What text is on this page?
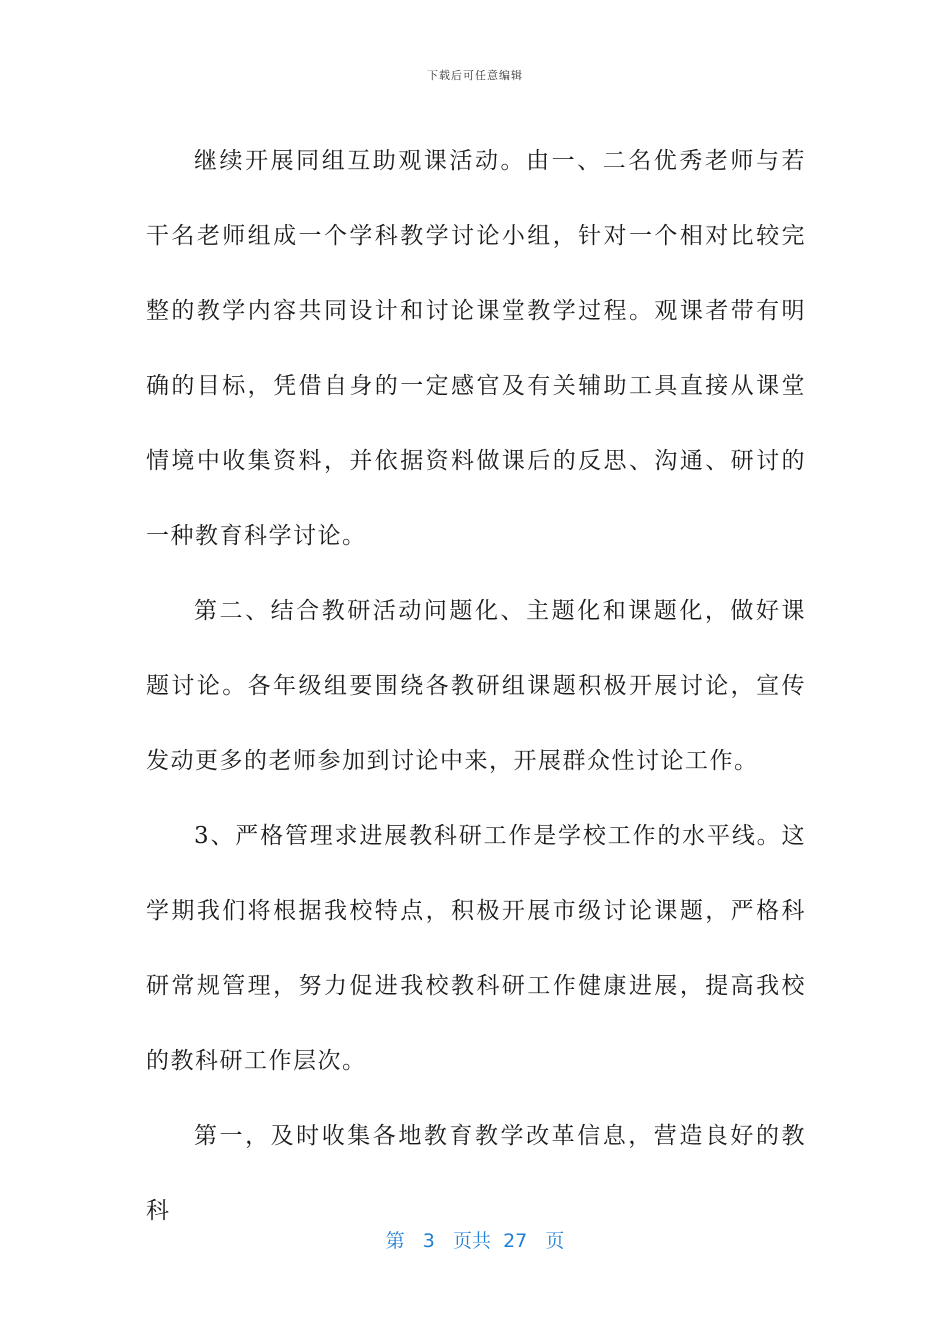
下载后可任意编辑

继续开展同组互助观课活动。由一、二名优秀老师与若干名老师组成一个学科教学讨论小组，针对一个相对比较完整的教学内容共同设计和讨论课堂教学过程。观课者带有明确的目标，凭借自身的一定感官及有关辅助工具直接从课堂情境中收集资料，并依据资料做课后的反思、沟通、研讨的一种教育科学讨论。

第二、结合教研活动问题化、主题化和课题化，做好课题讨论。各年级组要围绕各教研组课题积极开展讨论，宣传发动更多的老师参加到讨论中来，开展群众性讨论工作。

3、严格管理求进展教科研工作是学校工作的水平线。这学期我们将根据我校特点，积极开展市级讨论课题，严格科研常规管理，努力促进我校教科研工作健康进展，提高我校的教科研工作层次。

第一，及时收集各地教育教学改革信息，营造良好的教科

第 3 页共 27 页
